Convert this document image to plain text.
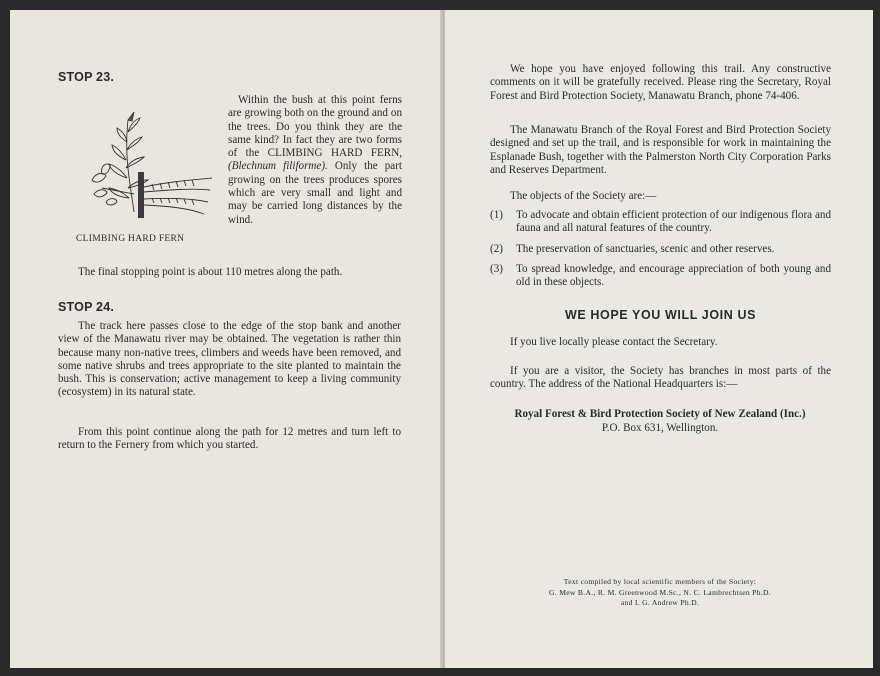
STOP 23.
Within the bush at this point ferns are growing both on the ground and on the trees. Do you think they are the same kind? In fact they are two forms of the CLIMBING HARD FERN, (Blechnum filiforme). Only the part growing on the trees produces spores which are very small and light and may be carried long distances by the wind.
CLIMBING HARD FERN
The final stopping point is about 110 metres along the path.
STOP 24.
The track here passes close to the edge of the stop bank and another view of the Manawatu river may be obtained. The vegetation is rather thin because many non-native trees, climbers and weeds have been removed, and some native shrubs and trees appropriate to the site planted to maintain the bush. This is conservation; active management to keep a living community (ecosystem) in its natural state.
From this point continue along the path for 12 metres and turn left to return to the Fernery from which you started.
We hope you have enjoyed following this trail. Any constructive comments on it will be gratefully received. Please ring the Secretary, Royal Forest and Bird Protection Society, Manawatu Branch, phone 74-406.
The Manawatu Branch of the Royal Forest and Bird Protection Society designed and set up the trail, and is responsible for work in maintaining the Esplanade Bush, together with the Palmerston North City Corporation Parks and Reserves Department.
The objects of the Society are:—
(1)	To advocate and obtain efficient protection of our indigenous flora and fauna and all natural features of the country.
(2)	The preservation of sanctuaries, scenic and other reserves.
(3)	To spread knowledge, and encourage appreciation of both young and old in these objects.
WE HOPE YOU WILL JOIN US
If you live locally please contact the Secretary.
If you are a visitor, the Society has branches in most parts of the country. The address of the National Headquarters is:—
Royal Forest & Bird Protection Society of New Zealand (Inc.)
P.O. Box 631, Wellington.
Text compiled by local scientific members of the Society:
G. Mew B.A., R. M. Greenwood M.Sc., N. C. Lambrechtsen Ph.D.
and I. G. Andrew Ph.D.
